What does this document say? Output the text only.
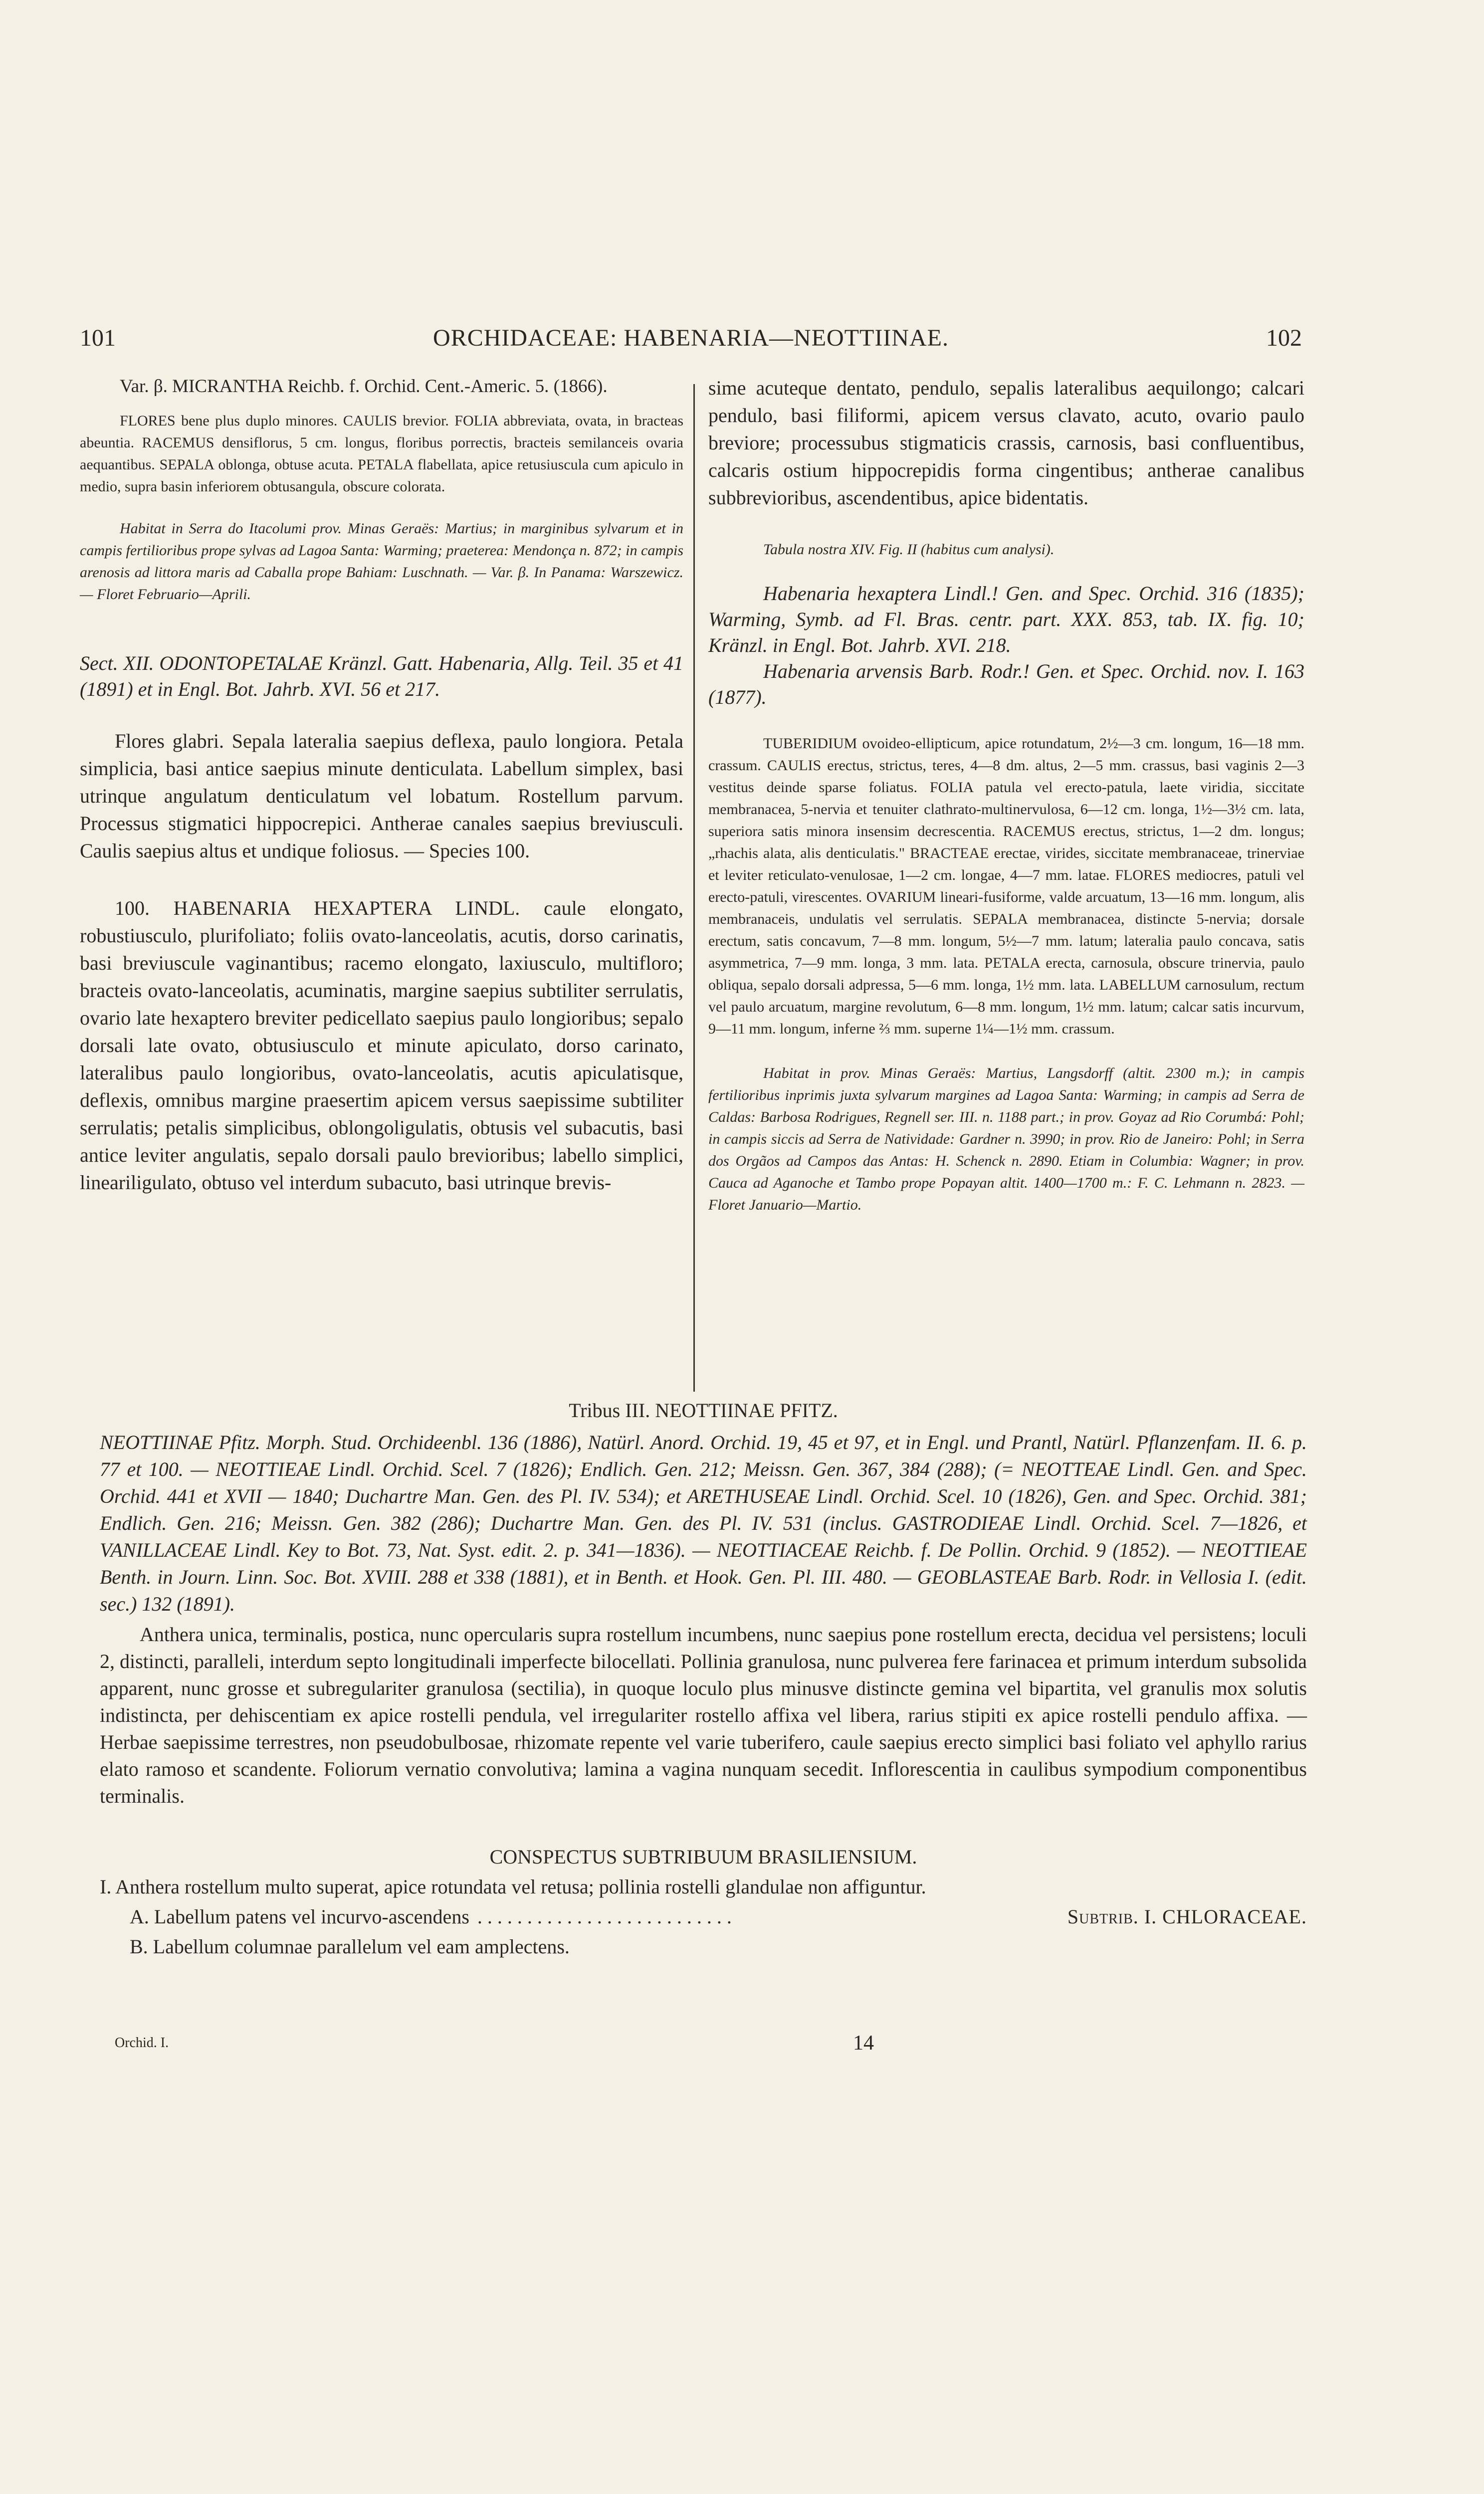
101	ORCHIDACEAE: HABENARIA—NEOTTIINAE.	102

Var. β. MICRANTHA Reichb. f. Orchid. Cent.-Americ. 5. (1866).

FLORES bene plus duplo minores. CAULIS brevior. FOLIA abbreviata, ovata, in bracteas abeuntia. RACEMUS densiflorus, 5 cm. longus, floribus porrectis, bracteis semilanceis ovaria aequantibus. SEPALA oblonga, obtuse acuta. PETALA flabellata, apice retusiuscula cum apiculo in medio, supra basin inferiorem obtusangula, obscure colorata.

Habitat in Serra do Itacolumi prov. Minas Geraës: Martius; in marginibus sylvarum et in campis fertilioribus prope sylvas ad Lagoa Santa: Warming; praeterea: Mendonça n. 872; in campis arenosis ad littora maris ad Caballa prope Bahiam: Luschnath. — Var. β. In Panama: Warszewicz. — Floret Februario—Aprili.

Sect. XII. ODONTOPETALAE Kränzl. Gatt. Habenaria, Allg. Teil. 35 et 41 (1891) et in Engl. Bot. Jahrb. XVI. 56 et 217.

Flores glabri. Sepala lateralia saepius deflexa, paulo longiora. Petala simplicia, basi antice saepius minute denticulata. Labellum simplex, basi utrinque angulatum denticulatum vel lobatum. Rostellum parvum. Processus stigmatici hippocrepici. Antherae canales saepius breviusculi. Caulis saepius altus et undique foliosus. — Species 100.

100. HABENARIA HEXAPTERA LINDL. caule elongato, robustiusculo, plurifoliato; foliis ovato-lanceolatis, acutis, dorso carinatis, basi breviuscule vaginantibus; racemo elongato, laxiusculo, multifloro; bracteis ovato-lanceolatis, acuminatis, margine saepius subtiliter serrulatis, ovario late hexaptero breviter pedicellato saepius paulo longioribus; sepalo dorsali late ovato, obtusiusculo et minute apiculato, dorso carinato, lateralibus paulo longioribus, ovato-lanceolatis, acutis apiculatisque, deflexis, omnibus margine praesertim apicem versus saepissime subtiliter serrulatis; petalis simplicibus, oblongoligulatis, obtusis vel subacutis, basi antice leviter angulatis, sepalo dorsali paulo brevioribus; labello simplici, lineariligulato, obtuso vel interdum subacuto, basi utrinque brevis-

sime acuteque dentato, pendulo, sepalis lateralibus aequilongo; calcari pendulo, basi filiformi, apicem versus clavato, acuto, ovario paulo breviore; processubus stigmaticis crassis, carnosis, basi confluentibus, calcaris ostium hippocrepidis forma cingentibus; antherae canalibus subbrevioribus, ascendentibus, apice bidentatis.

Tabula nostra XIV. Fig. II (habitus cum analysi).

Habenaria hexaptera Lindl.! Gen. and Spec. Orchid. 316 (1835); Warming, Symb. ad Fl. Bras. centr. part. XXX. 853, tab. IX. fig. 10; Kränzl. in Engl. Bot. Jahrb. XVI. 218.

Habenaria arvensis Barb. Rodr.! Gen. et Spec. Orchid. nov. I. 163 (1877).

TUBERIDIUM ovoideo-ellipticum, apice rotundatum, 2½—3 cm. longum, 16—18 mm. crassum. CAULIS erectus, strictus, teres, 4—8 dm. altus, 2—5 mm. crassus, basi vaginis 2—3 vestitus deinde sparse foliatus. FOLIA patula vel erecto-patula, laete viridia, siccitate membranacea, 5-nervia et tenuiter clathrato-multinervulosa, 6—12 cm. longa, 1½—3½ cm. lata, superiora satis minora insensim decrescentia. RACEMUS erectus, strictus, 1—2 dm. longus; „rhachis alata, alis denticulatis." BRACTEAE erectae, virides, siccitate membranaceae, trinerviae et leviter reticulato-venulosae, 1—2 cm. longae, 4—7 mm. latae. FLORES mediocres, patuli vel erecto-patuli, virescentes. OVARIUM lineari-fusiforme, valde arcuatum, 13—16 mm. longum, alis membranaceis, undulatis vel serrulatis. SEPALA membranacea, distincte 5-nervia; dorsale erectum, satis concavum, 7—8 mm. longum, 5½—7 mm. latum; lateralia paulo concava, satis asymmetrica, 7—9 mm. longa, 3 mm. lata. PETALA erecta, carnosula, obscure trinervia, paulo obliqua, sepalo dorsali adpressa, 5—6 mm. longa, 1½ mm. lata. LABELLUM carnosulum, rectum vel paulo arcuatum, margine revolutum, 6—8 mm. longum, 1½ mm. latum; calcar satis incurvum, 9—11 mm. longum, inferne ⅔ mm. superne 1¼—1½ mm. crassum.

Habitat in prov. Minas Geraës: Martius, Langsdorff (altit. 2300 m.); in campis fertilioribus inprimis juxta sylvarum margines ad Lagoa Santa: Warming; in campis ad Serra de Caldas: Barbosa Rodrigues, Regnell ser. III. n. 1188 part.; in prov. Goyaz ad Rio Corumbá: Pohl; in campis siccis ad Serra de Natividade: Gardner n. 3990; in prov. Rio de Janeiro: Pohl; in Serra dos Orgãos ad Campos das Antas: H. Schenck n. 2890. Etiam in Columbia: Wagner; in prov. Cauca ad Aganoche et Tambo prope Popayan altit. 1400—1700 m.: F. C. Lehmann n. 2823. — Floret Januario—Martio.

Tribus III. NEOTTIINAE PFITZ.

NEOTTIINAE Pfitz. Morph. Stud. Orchideenbl. 136 (1886), Natürl. Anord. Orchid. 19, 45 et 97, et in Engl. und Prantl, Natürl. Pflanzenfam. II. 6. p. 77 et 100. — NEOTTIEAE Lindl. Orchid. Scel. 7 (1826); Endlich. Gen. 212; Meissn. Gen. 367, 384 (288); (= NEOTTEAE Lindl. Gen. and Spec. Orchid. 441 et XVII — 1840; Duchartre Man. Gen. des Pl. IV. 534); et ARETHUSEAE Lindl. Orchid. Scel. 10 (1826), Gen. and Spec. Orchid. 381; Endlich. Gen. 216; Meissn. Gen. 382 (286); Duchartre Man. Gen. des Pl. IV. 531 (inclus. GASTRODIEAE Lindl. Orchid. Scel. 7—1826, et VANILLACEAE Lindl. Key to Bot. 73, Nat. Syst. edit. 2. p. 341—1836). — NEOTTIACEAE Reichb. f. De Pollin. Orchid. 9 (1852). — NEOTTIEAE Benth. in Journ. Linn. Soc. Bot. XVIII. 288 et 338 (1881), et in Benth. et Hook. Gen. Pl. III. 480. — GEOBLASTEAE Barb. Rodr. in Vellosia I. (edit. sec.) 132 (1891).

Anthera unica, terminalis, postica, nunc opercularis supra rostellum incumbens, nunc saepius pone rostellum erecta, decidua vel persistens; loculi 2, distincti, paralleli, interdum septo longitudinali imperfecte bilocellati. Pollinia granulosa, nunc pulverea fere farinacea et primum interdum subsolida apparent, nunc grosse et subregulariter granulosa (sectilia), in quoque loculo plus minusve distincte gemina vel bipartita, vel granulis mox solutis indistincta, per dehiscentiam ex apice rostelli pendula, vel irregulariter rostello affixa vel libera, rarius stipiti ex apice rostelli pendulo affixa. — Herbae saepissime terrestres, non pseudobulbosae, rhizomate repente vel varie tuberifero, caule saepius erecto simplici basi foliato vel aphyllo rarius elato ramoso et scandente. Foliorum vernatio convolutiva; lamina a vagina nunquam secedit. Inflorescentia in caulibus sympodium componentibus terminalis.

CONSPECTUS SUBTRIBUUM BRASILIENSIUM.
I. Anthera rostellum multo superat, apice rotundata vel retusa; pollinia rostelli glandulae non affiguntur.
A. Labellum patens vel incurvo-ascendens . . . . . . . . . . . . . . . . . . . . . . . . . .	Subtrib. I. CHLORACEAE.
B. Labellum columnae parallelum vel eam amplectens.
Orchid. I.	14
